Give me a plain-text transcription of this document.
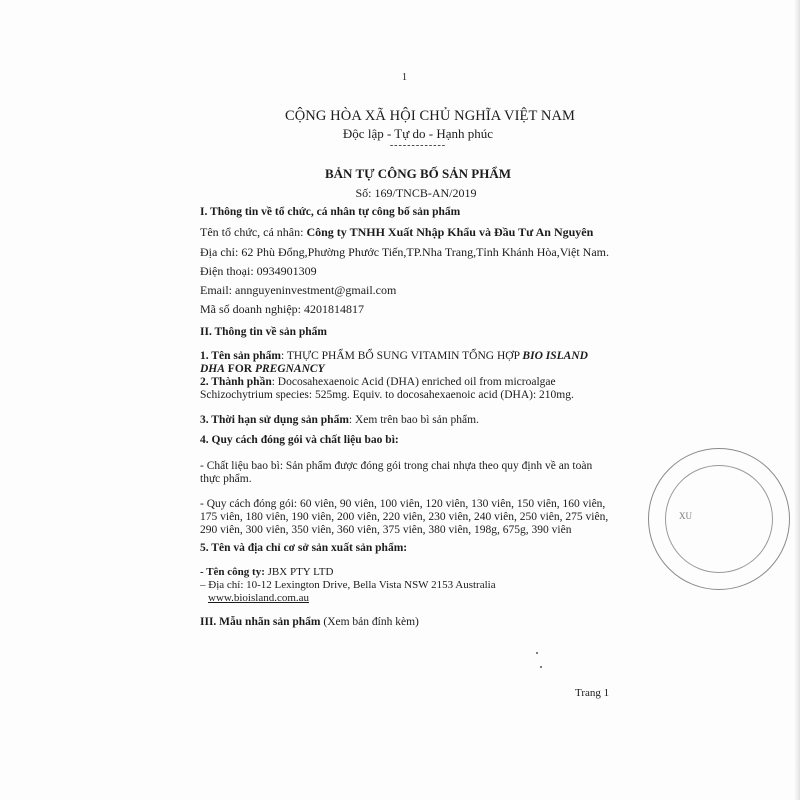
1
CỘNG HÒA XÃ HỘI CHỦ NGHĨA VIỆT NAM
Độc lập - Tự do - Hạnh phúc
-------------
BẢN TỰ CÔNG BỐ SẢN PHẨM
Số: 169/TNCB-AN/2019
I. Thông tin về tổ chức, cá nhân tự công bố sản phẩm
Tên tổ chức, cá nhân: Công ty TNHH Xuất Nhập Khẩu và Đầu Tư An Nguyên
Địa chỉ: 62 Phù Đổng,Phường Phước Tiến,TP.Nha Trang,Tỉnh Khánh Hòa,Việt Nam.
Điện thoại: 0934901309
Email: annguyeninvestment@gmail.com
Mã số doanh nghiệp: 4201814817
II. Thông tin về sản phẩm
1. Tên sản phẩm: THỰC PHẨM BỔ SUNG VITAMIN TỔNG HỢP BIO ISLAND DHA FOR PREGNANCY
2. Thành phần: Docosahexaenoic Acid (DHA) enriched oil from microalgae Schizochytrium species: 525mg. Equiv. to docosahexaenoic acid (DHA): 210mg.
3. Thời hạn sử dụng sản phẩm: Xem trên bao bì sản phẩm.
4. Quy cách đóng gói và chất liệu bao bì:
- Chất liệu bao bì: Sản phẩm được đóng gói trong chai nhựa theo quy định về an toàn thực phẩm.
- Quy cách đóng gói: 60 viên, 90 viên, 100 viên, 120 viên, 130 viên, 150 viên, 160 viên, 175 viên, 180 viên, 190 viên, 200 viên, 220 viên, 230 viên, 240 viên, 250 viên, 275 viên, 290 viên, 300 viên, 350 viên, 360 viên, 375 viên, 380 viên, 198g, 675g, 390 viên
5. Tên và địa chỉ cơ sở sản xuất sản phẩm:
- Tên công ty: JBX PTY LTD
– Địa chỉ: 10-12 Lexington Drive, Bella Vista NSW 2153 Australia
www.bioisland.com.au
III. Mẫu nhãn sản phẩm (Xem bản đính kèm)
XU
Trang 1
